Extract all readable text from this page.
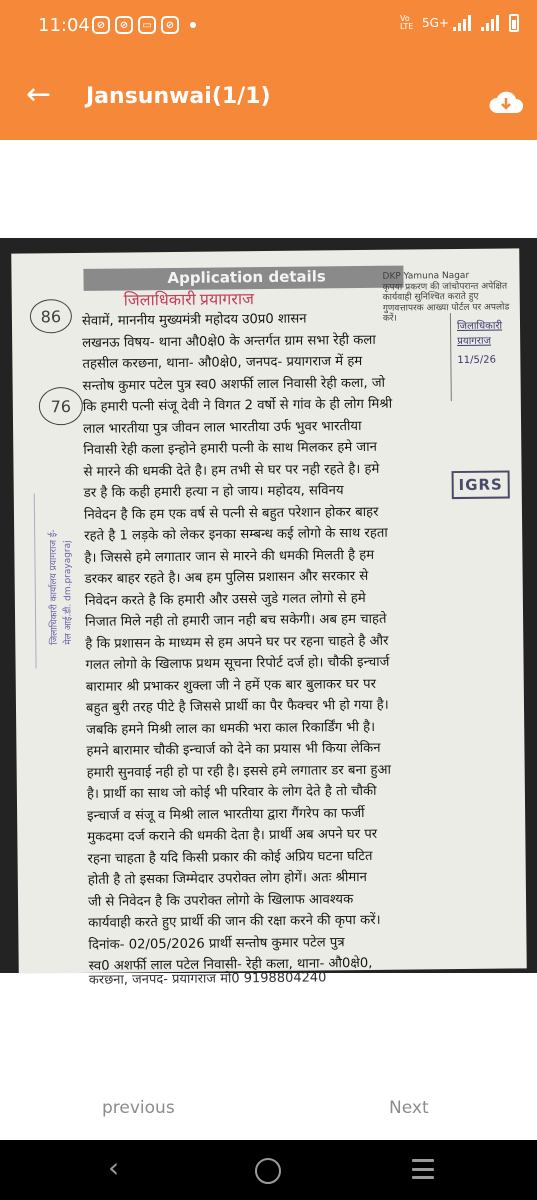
11:04 ⊘	⊘	▭	⊘
Vo LTE 5G+
← Jansunwai(1/1)
Application details
जिलाधिकारी प्रयागराज
DKP Yamuna Nagar
कृपया प्रकरण की जांचोपरान्त अपेक्षित कार्यवाही सुनिश्चित कराते हुए गुणवत्तापरक आख्या पोर्टल पर अपलोड करें।
86
76
जिलाधिकारी कार्यालय प्रयागराज ई-मेल आई.डी. dm.prayagraj
जिलाधिकारी प्रयागराज
11/5/26
IGRS

सेवामें, माननीय मुख्यमंत्री महोदय उ0प्र0 शासन

लखनऊ विषय- थाना औ0क्षे0 के अन्तर्गत ग्राम सभा रेही कला

तहसील करछना, थाना- औ0क्षे0, जनपद- प्रयागराज में हम

सन्तोष कुमार पटेल पुत्र स्व0 अशर्फी लाल निवासी रेही कला, जो

कि हमारी पत्नी संजू देवी ने विगत 2 वर्षो से गांव के ही लोग मिश्री

लाल भारतीया पुत्र जीवन लाल भारतीया उर्फ भुवर भारतीया

निवासी रेही कला इन्होने हमारी पत्नी के साथ मिलकर हमे जान

से मारने की धमकी देते है। हम तभी से घर पर नही रहते है। हमे

डर है कि कही हमारी हत्या न हो जाय। महोदय, सविनय

निवेदन है कि हम एक वर्ष से पत्नी से बहुत परेशान होकर बाहर

रहते है 1 लड़के को लेकर इनका सम्बन्ध कई लोगो के साथ रहता

है। जिससे हमे लगातार जान से मारने की धमकी मिलती है हम

डरकर बाहर रहते है। अब हम पुलिस प्रशासन और सरकार से

निवेदन करते है कि हमारी और उससे जुडे गलत लोगो से हमे

निजात मिले नही तो हमारी जान नही बच सकेगी। अब हम चाहते

है कि प्रशासन के माध्यम से हम अपने घर पर रहना चाहते है और

गलत लोगो के खिलाफ प्रथम सूचना रिपोर्ट दर्ज हो। चौकी इन्चार्ज

बारामार श्री प्रभाकर शुक्ला जी ने हमें एक बार बुलाकर घर पर

बहुत बुरी तरह पीटे है जिससे प्रार्थी का पैर फैक्चर भी हो गया है।

जबकि हमने मिश्री लाल का धमकी भरा काल रिकार्डिंग भी है।

हमने बारामार चौकी इन्चार्ज को देने का प्रयास भी किया लेकिन

हमारी सुनवाई नही हो पा रही है। इससे हमे लगातार डर बना हुआ

है। प्रार्थी का साथ जो कोई भी परिवार के लोग देते है तो चौकी

इन्चार्ज व संजू व मिश्री लाल भारतीया द्वारा गैंगरेप का फर्जी

मुकदमा दर्ज कराने की धमकी देता है। प्रार्थी अब अपने घर पर

रहना चाहता है यदि किसी प्रकार की कोई अप्रिय घटना घटित

होती है तो इसका जिम्मेदार उपरोक्त लोग होगें। अतः श्रीमान

जी से निवेदन है कि उपरोक्त लोगो के खिलाफ आवश्यक

कार्यवाही करते हुए प्रार्थी की जान की रक्षा करने की कृपा करें।

दिनांक- 02/05/2026 प्रार्थी सन्तोष कुमार पटेल पुत्र

स्व0 अशर्फी लाल पटेल निवासी- रेही कला, थाना- औ0क्षे0,

करछना, जनपद- प्रयागराज मो0 9198804240
previous	Next
‹
